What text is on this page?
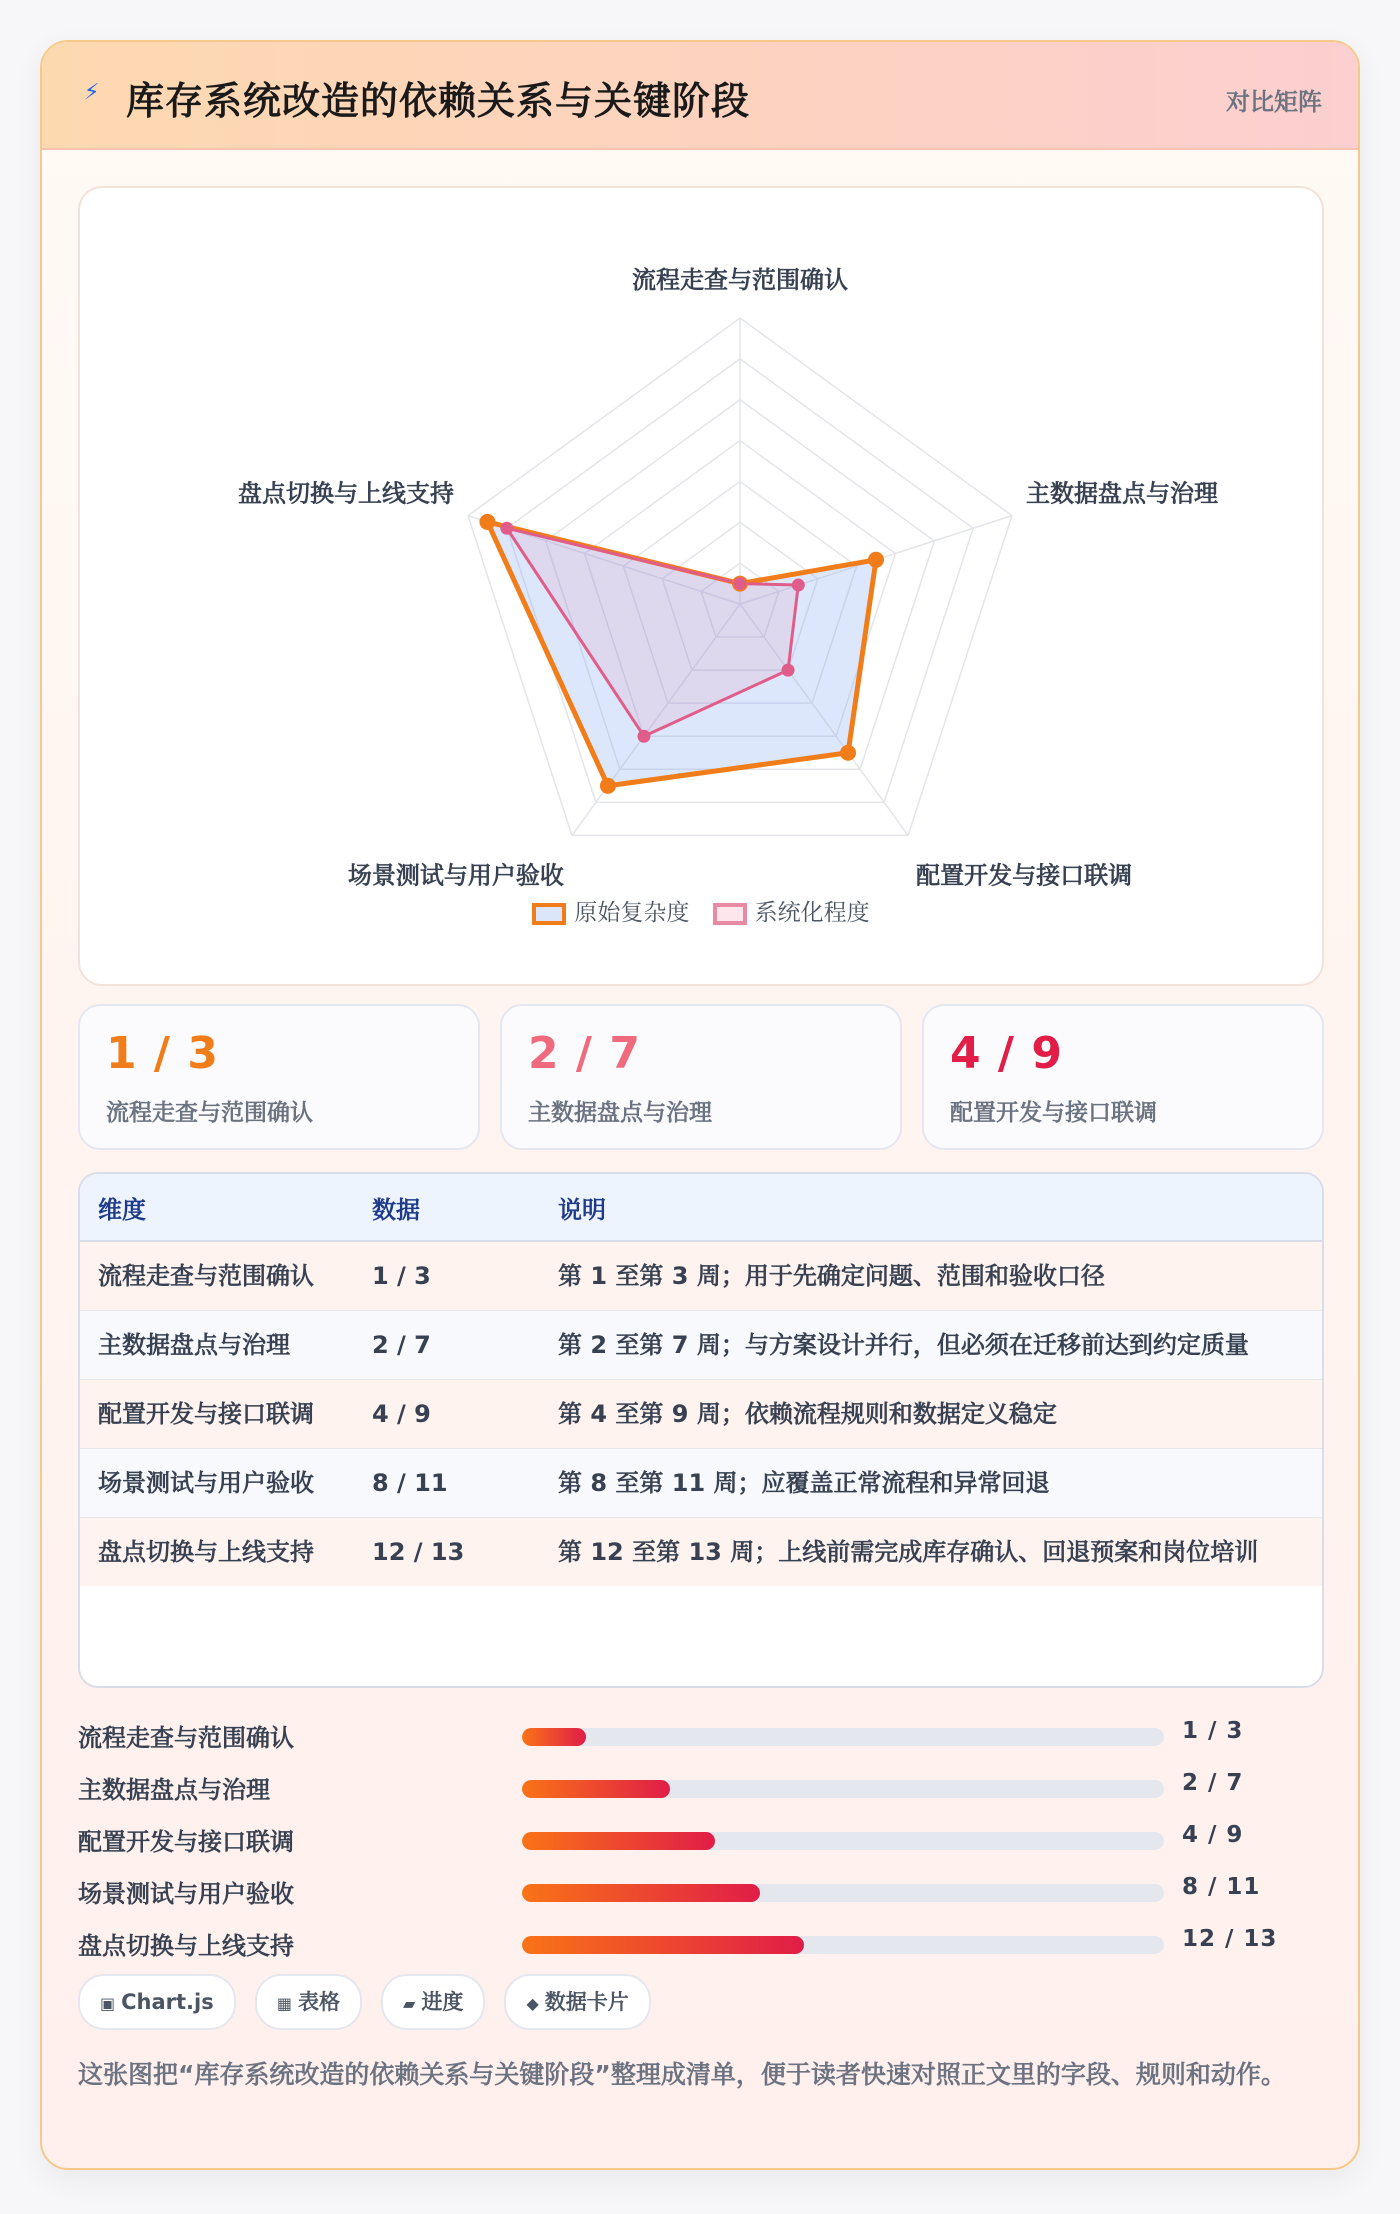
⚡ 库存系统改造的依赖关系与关键阶段	对比矩阵
流程走查与范围确认
主数据盘点与治理
配置开发与接口联调
场景测试与用户验收
盘点切换与上线支持
原始复杂度	系统化程度
1 / 3
流程走查与范围确认
2 / 7
主数据盘点与治理
4 / 9
配置开发与接口联调
维度	数据	说明
流程走查与范围确认	1 / 3	第 1 至第 3 周；用于先确定问题、范围和验收口径
主数据盘点与治理	2 / 7	第 2 至第 7 周；与方案设计并行，但必须在迁移前达到约定质量
配置开发与接口联调	4 / 9	第 4 至第 9 周；依赖流程规则和数据定义稳定
场景测试与用户验收	8 / 11	第 8 至第 11 周；应覆盖正常流程和异常回退
盘点切换与上线支持	12 / 13	第 12 至第 13 周；上线前需完成库存确认、回退预案和岗位培训
流程走查与范围确认	1 / 3
主数据盘点与治理	2 / 7
配置开发与接口联调	4 / 9
场景测试与用户验收	8 / 11
盘点切换与上线支持	12 / 13
▣ Chart.js	▦ 表格	▰ 进度	◆ 数据卡片
这张图把“库存系统改造的依赖关系与关键阶段”整理成清单，便于读者快速对照正文里的字段、规则和动作。
